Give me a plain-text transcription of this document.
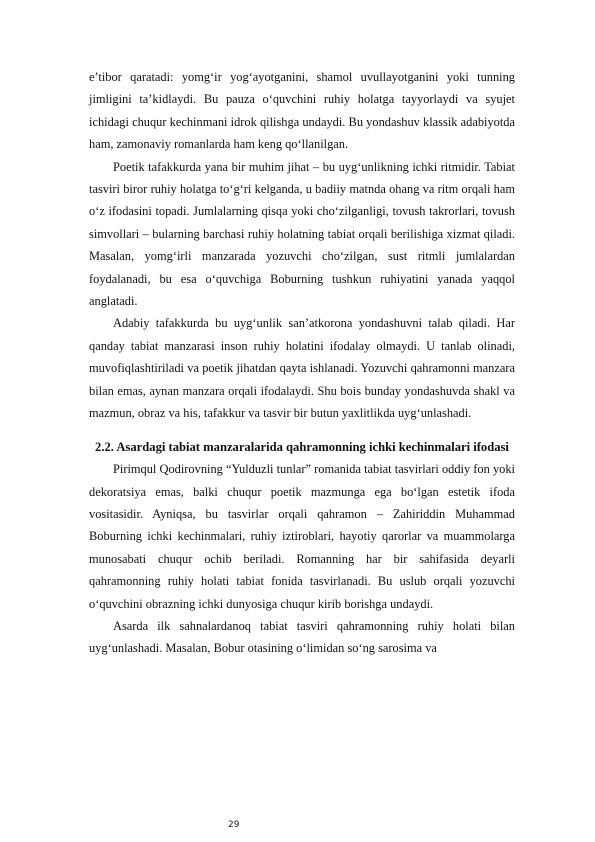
e’tibor qaratadi: yomg‘ir yog‘ayotganini, shamol uvullayotganini yoki tunning jimligini ta’kidlaydi. Bu pauza o‘quvchini ruhiy holatga tayyorlaydi va syujet ichidagi chuqur kechinmani idrok qilishga undaydi. Bu yondashuv klassik adabiyotda ham, zamonaviy romanlarda ham keng qo‘llanilgan.

Poetik tafakkurda yana bir muhim jihat – bu uyg‘unlikning ichki ritmidir. Tabiat tasviri biror ruhiy holatga to‘g‘ri kelganda, u badiiy matnda ohang va ritm orqali ham o‘z ifodasini topadi. Jumlalarning qisqa yoki cho‘zilganligi, tovush takrorlari, tovush simvollari – bularning barchasi ruhiy holatning tabiat orqali berilishiga xizmat qiladi. Masalan, yomg‘irli manzarada yozuvchi cho‘zilgan, sust ritmli jumlalardan foydalanadi, bu esa o‘quvchiga Boburning tushkun ruhiyatini yanada yaqqol anglatadi.

Adabiy tafakkurda bu uyg‘unlik san’atkorona yondashuvni talab qiladi. Har qanday tabiat manzarasi inson ruhiy holatini ifodalay olmaydi. U tanlab olinadi, muvofiqlashtiriladi va poetik jihatdan qayta ishlanadi. Yozuvchi qahramonni manzara bilan emas, aynan manzara orqali ifodalaydi. Shu bois bunday yondashuvda shakl va mazmun, obraz va his, tafakkur va tasvir bir butun yaxlitlikda uyg‘unlashadi.

2.2. Asardagi tabiat manzaralarida qahramonning ichki kechinmalari ifodasi

Pirimqul Qodirovning “Yulduzli tunlar” romanida tabiat tasvirlari oddiy fon yoki dekoratsiya emas, balki chuqur poetik mazmunga ega bo‘lgan estetik ifoda vositasidir. Ayniqsa, bu tasvirlar orqali qahramon – Zahiriddin Muhammad Boburning ichki kechinmalari, ruhiy iztiroblari, hayotiy qarorlar va muammolarga munosabati chuqur ochib beriladi. Romanning har bir sahifasida deyarli qahramonning ruhiy holati tabiat fonida tasvirlanadi. Bu uslub orqali yozuvchi o‘quvchini obrazning ichki dunyosiga chuqur kirib borishga undaydi.

Asarda ilk sahnalardanoq tabiat tasviri qahramonning ruhiy holati bilan uyg‘unlashadi. Masalan, Bobur otasining o‘limidan so‘ng sarosima va

29
